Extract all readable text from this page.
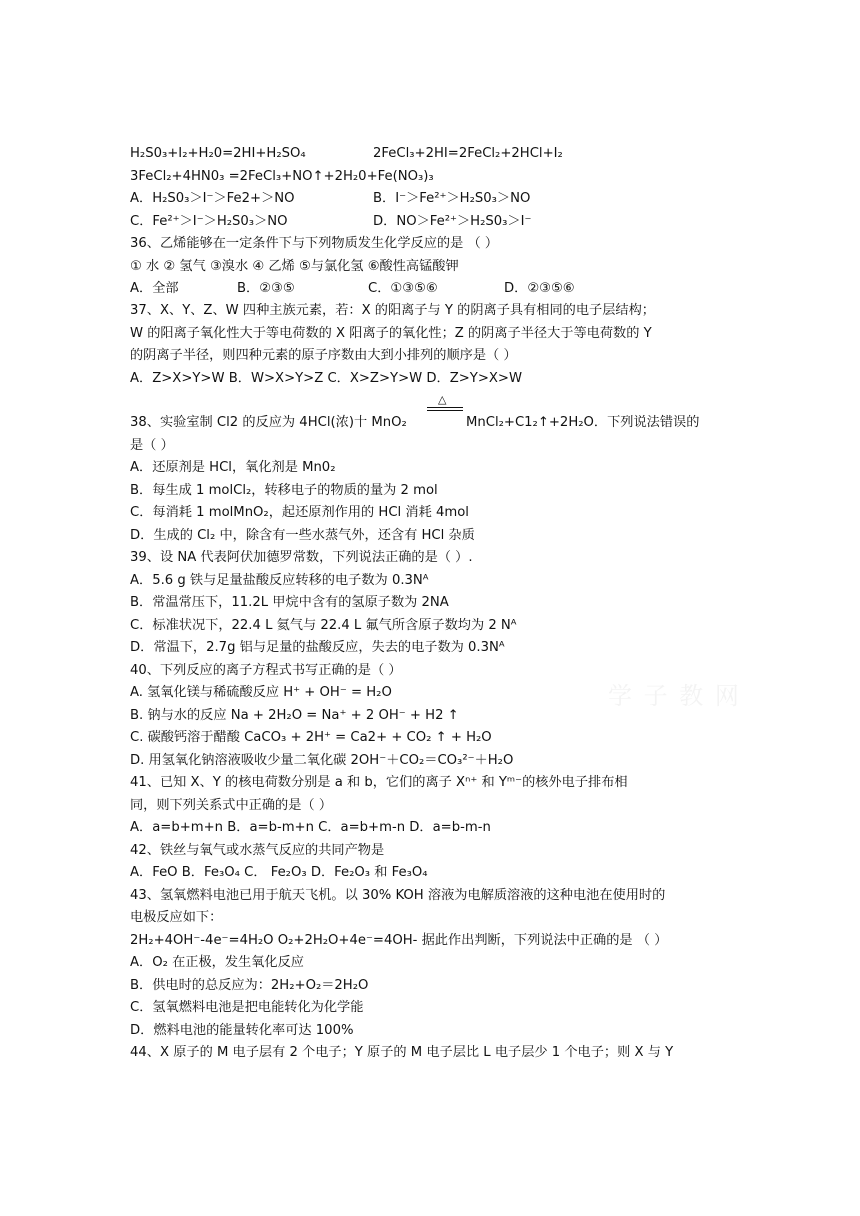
H₂S0₃+I₂+H₂0=2HI+H₂SO₄
3FeCl₂+4HN0₃ =2FeCl₃+NO↑+2H₂0+Fe(NO₃)₃
A．H₂S0₃＞I⁻＞Fe2+＞NO
C．Fe²⁺＞I⁻＞H₂S0₃＞NO
36、乙烯能够在一定条件下与下列物质发生化学反应的是 （ ）
① 水 ② 氢气 ③溴水 ④ 乙烯 ⑤与氯化氢 ⑥酸性高锰酸钾
A．全部
37、X、Y、Z、W 四种主族元素，若：X 的阳离子与 Y 的阴离子具有相同的电子层结构；
W 的阳离子氧化性大于等电荷数的 X 阳离子的氧化性；Z 的阴离子半径大于等电荷数的 Y
的阴离子半径，则四种元素的原子序数由大到小排列的顺序是（ ）
A．Z>X>Y>W B．W>X>Y>Z C．X>Z>Y>W D．Z>Y>X>W
38、实验室制 Cl2 的反应为 4HCl(浓)十 MnO₂
是（ ）
A．还原剂是 HCl，氧化剂是 Mn0₂
B．每生成 1 molCl₂，转移电子的物质的量为 2 mol
C．每消耗 1 molMnO₂，起还原剂作用的 HCl 消耗 4mol
D．生成的 Cl₂ 中，除含有一些水蒸气外，还含有 HCl 杂质
39、设 NA 代表阿伏加德罗常数，下列说法正确的是（ ）.
A．5.6 g 铁与足量盐酸反应转移的电子数为 0.3Nᴬ
B．常温常压下，11.2L 甲烷中含有的氢原子数为 2NA
C．标准状况下，22.4 L 氦气与 22.4 L 氟气所含原子数均为 2 Nᴬ
D．常温下，2.7g 铝与足量的盐酸反应，失去的电子数为 0.3Nᴬ
40、下列反应的离子方程式书写正确的是（ ）
A. 氢氧化镁与稀硫酸反应 H⁺ + OH⁻ = H₂O
B. 钠与水的反应 Na + 2H₂O = Na⁺ + 2 OH⁻ + H2 ↑
C. 碳酸钙溶于醋酸 CaCO₃ + 2H⁺ = Ca2+ + CO₂ ↑ + H₂O
D. 用氢氧化钠溶液吸收少量二氧化碳 2OH⁻＋CO₂＝CO₃²⁻＋H₂O
41、已知 X、Y 的核电荷数分别是 a 和 b，它们的离子 Xⁿ⁺ 和 Yᵐ⁻的核外电子排布相
同，则下列关系式中正确的是（ ）
A．a=b+m+n B．a=b-m+n C．a=b+m-n D．a=b-m-n
42、铁丝与氧气或水蒸气反应的共同产物是
A．FeO B．Fe₃O₄ C． Fe₂O₃ D．Fe₂O₃ 和 Fe₃O₄
43、氢氧燃料电池已用于航天飞机。以 30% KOH 溶液为电解质溶液的这种电池在使用时的
电极反应如下：
2H₂+4OH⁻-4e⁻=4H₂O O₂+2H₂O+4e⁻=4OH- 据此作出判断，下列说法中正确的是 （ ）
A．O₂ 在正极，发生氧化反应
B．供电时的总反应为：2H₂+O₂＝2H₂O
C．氢氧燃料电池是把电能转化为化学能
D．燃料电池的能量转化率可达 100%
44、X 原子的 M 电子层有 2 个电子；Y 原子的 M 电子层比 L 电子层少 1 个电子；则 X 与 Y
2FeCl₃+2HI=2FeCl₂+2HCl+I₂
B．I⁻＞Fe²⁺＞H₂S0₃＞NO
D．NO＞Fe²⁺＞H₂S0₃＞I⁻
B．②③⑤	C．①③⑤⑥	D．②③⑤⑥
MnCl₂+C1₂↑+2H₂O．下列说法错误的
△
学 子 教 网
